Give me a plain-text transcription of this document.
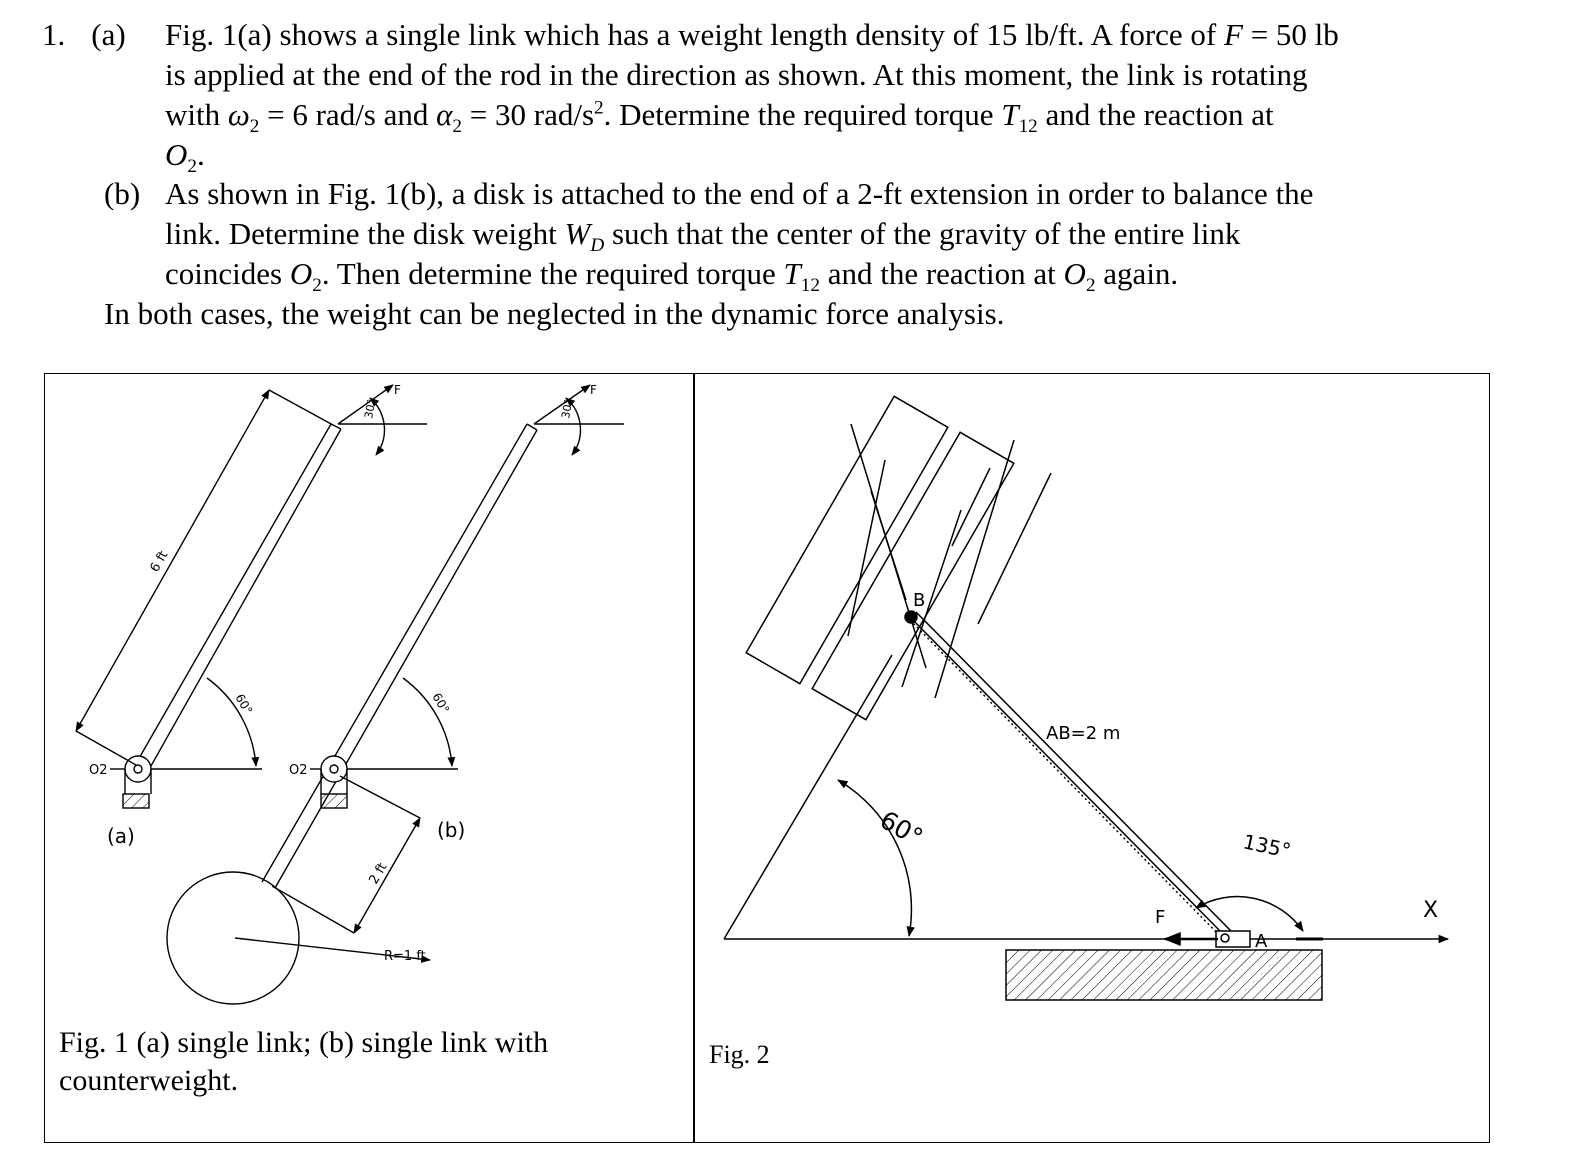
1. (a) Fig. 1(a) shows a single link which has a weight length density of 15 lb/ft. A force of F = 50 lb
is applied at the end of the rod in the direction as shown. At this moment, the link is rotating
with $\omega_2 = 6$ rad/s and $\alpha_2 = 30$ rad/$s^2$. Determine the required torque $T_{12}$ and the reaction at
$O_2$.
(b) As shown in Fig. 1(b), a disk is attached to the end of a 2-ft extension in order to balance the
link. Determine the disk weight $W_D$ such that the center of the gravity of the entire link
coincides $O_2$. Then determine the required torque $T_{12}$ and the reaction at $O_2$ again.
In both cases, the weight can be neglected in the dynamic force analysis.
O2
6 ft
60°
30°
F
(a)
O2
2 ft
60°
30°
F
R=1 ft
(b)
B
A
F	X
AB=2 m
60°	135°
Fig. 1 (a) single link; (b) single link with
counterweight.
Fig. 2
